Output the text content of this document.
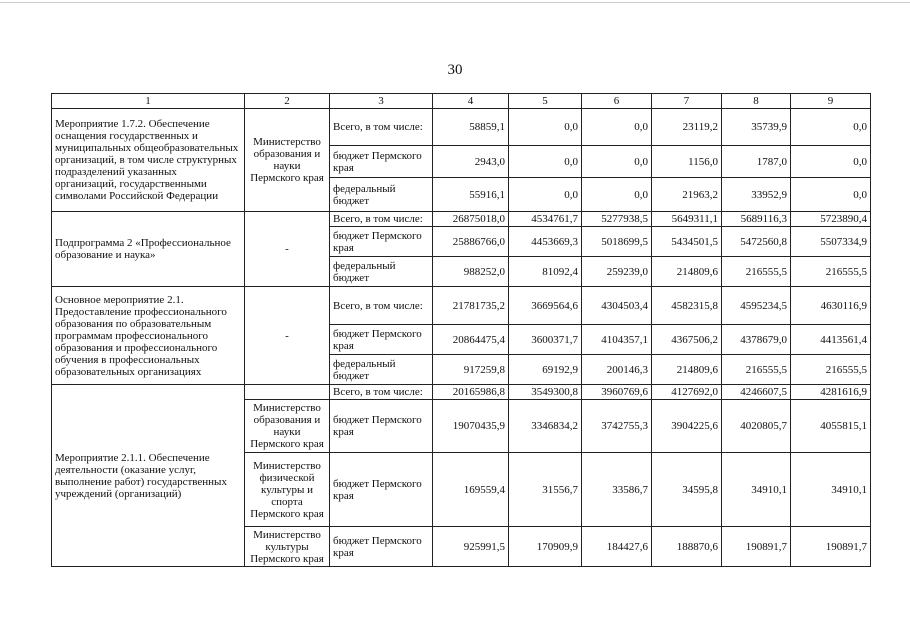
30
1	2	3	4	5	6	7	8	9
Мероприятие 1.7.2. Обеспечение оснащения государственных и муниципальных общеобразовательных организаций, в том числе структурных подразделений указанных организаций, государственными символами Российской Федерации	Министерство образования и науки Пермского края	Всего, в том числе:	58859,1	0,0	0,0	23119,2	35739,9	0,0
		бюджет Пермского края	2943,0	0,0	0,0	1156,0	1787,0	0,0
		федеральный бюджет	55916,1	0,0	0,0	21963,2	33952,9	0,0
Подпрограмма 2 «Профессиональное образование и наука»	-	Всего, в том числе:	26875018,0	4534761,7	5277938,5	5649311,1	5689116,3	5723890,4
		бюджет Пермского края	25886766,0	4453669,3	5018699,5	5434501,5	5472560,8	5507334,9
		федеральный бюджет	988252,0	81092,4	259239,0	214809,6	216555,5	216555,5
Основное мероприятие 2.1. Предоставление профессионального образования по образовательным программам профессионального образования и профессионального обучения в профессиональных образовательных организациях	-	Всего, в том числе:	21781735,2	3669564,6	4304503,4	4582315,8	4595234,5	4630116,9
		бюджет Пермского края	20864475,4	3600371,7	4104357,1	4367506,2	4378679,0	4413561,4
		федеральный бюджет	917259,8	69192,9	200146,3	214809,6	216555,5	216555,5
Мероприятие 2.1.1. Обеспечение деятельности (оказание услуг, выполнение работ) государственных учреждений (организаций)		Всего, в том числе:	20165986,8	3549300,8	3960769,6	4127692,0	4246607,5	4281616,9
	Министерство образования и науки Пермского края	бюджет Пермского края	19070435,9	3346834,2	3742755,3	3904225,6	4020805,7	4055815,1
	Министерство физической культуры и спорта Пермского края	бюджет Пермского края	169559,4	31556,7	33586,7	34595,8	34910,1	34910,1
	Министерство культуры Пермского края	бюджет Пермского края	925991,5	170909,9	184427,6	188870,6	190891,7	190891,7
